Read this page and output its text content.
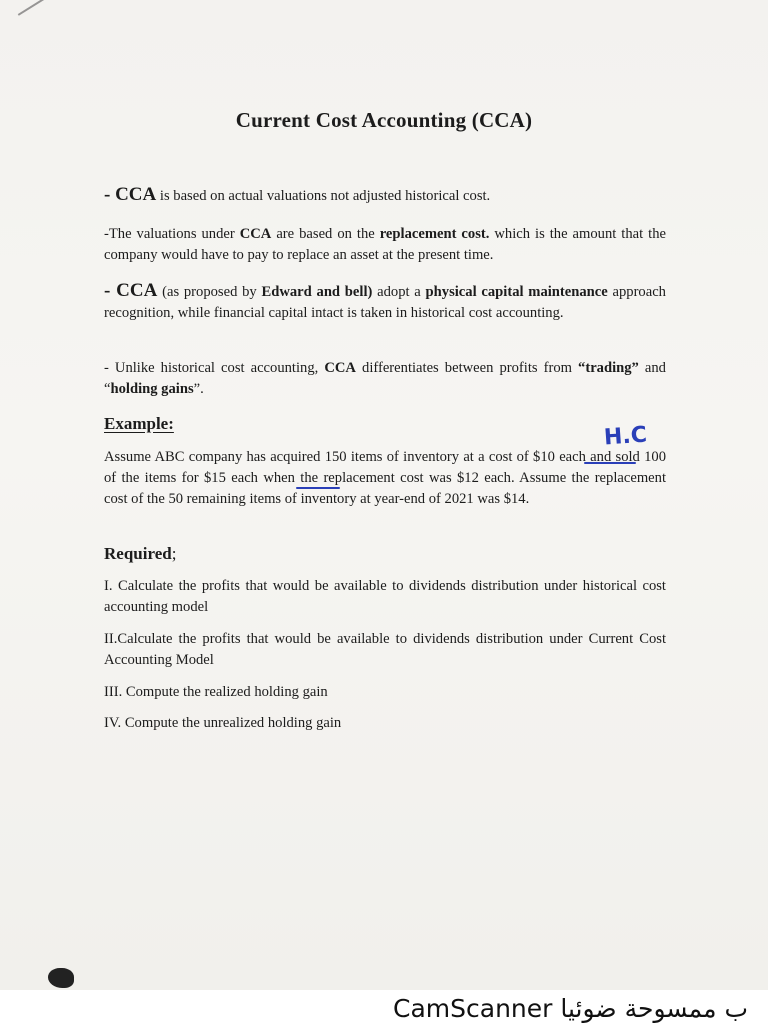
Current Cost Accounting (CCA)
- CCA is based on actual valuations not adjusted historical cost.
-The valuations under CCA are based on the replacement cost. which is the amount that the company would have to pay to replace an asset at the present time.
- CCA (as proposed by Edward and bell) adopt a physical capital maintenance approach recognition, while financial capital intact is taken in historical cost accounting.
- Unlike historical cost accounting, CCA differentiates between profits from “trading” and “holding gains”.
Example:	H.C
Assume ABC company has acquired 150 items of inventory at a cost of $10 each and sold 100 of the items for $15 each when the replacement cost was $12 each. Assume the replacement cost of the 50 remaining items of inventory at year-end of 2021 was $14.
Required;
I. Calculate the profits that would be available to dividends distribution under historical cost accounting model
II.Calculate the profits that would be available to dividends distribution under Current Cost Accounting Model
III. Compute the realized holding gain
IV. Compute the unrealized holding gain
CamScanner ب ممسوحة ضوئيا
